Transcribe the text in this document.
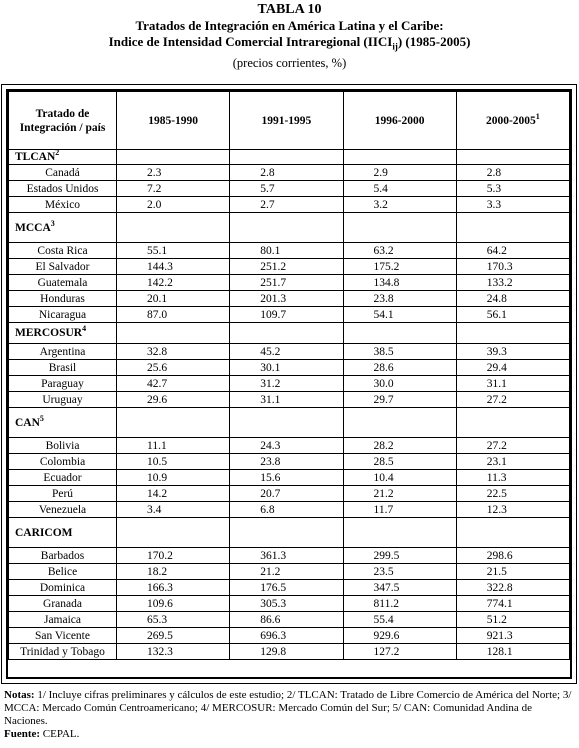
TABLA 10
Tratados de Integración en América Latina y el Caribe:
Indice de Intensidad Comercial Intraregional $(IICI_{ij})$ (1985-2005)
(precios corrientes, %)
Tratado de
Integración / país	1985-1990	1991-1995	1996-2000	2000-2005$^1$
TLCAN$^2$				
Canadá	2.3	2.8	2.9	2.8
Estados Unidos	7.2	5.7	5.4	5.3
México	2.0	2.7	3.2	3.3
MCCA$^3$				
Costa Rica	55.1	80.1	63.2	64.2
El Salvador	144.3	251.2	175.2	170.3
Guatemala	142.2	251.7	134.8	133.2
Honduras	20.1	201.3	23.8	24.8
Nicaragua	87.0	109.7	54.1	56.1
MERCOSUR$^4$				
Argentina	32.8	45.2	38.5	39.3
Brasil	25.6	30.1	28.6	29.4
Paraguay	42.7	31.2	30.0	31.1
Uruguay	29.6	31.1	29.7	27.2
CAN$^5$				
Bolivia	11.1	24.3	28.2	27.2
Colombia	10.5	23.8	28.5	23.1
Ecuador	10.9	15.6	10.4	11.3
Perú	14.2	20.7	21.2	22.5
Venezuela	3.4	6.8	11.7	12.3
CARICOM				
Barbados	170.2	361.3	299.5	298.6
Belice	18.2	21.2	23.5	21.5
Dominica	166.3	176.5	347.5	322.8
Granada	109.6	305.3	811.2	774.1
Jamaica	65.3	86.6	55.4	51.2
San Vicente	269.5	696.3	929.6	921.3
Trinidad y Tobago	132.3	129.8	127.2	128.1
Notas: 1/ Incluye cifras preliminares y cálculos de este estudio; 2/ TLCAN: Tratado de Libre Comercio de América del Norte; 3/ MCCA: Mercado Común Centroamericano; 4/ MERCOSUR: Mercado Común del Sur; 5/ CAN: Comunidad Andina de Naciones.
Fuente: CEPAL.
